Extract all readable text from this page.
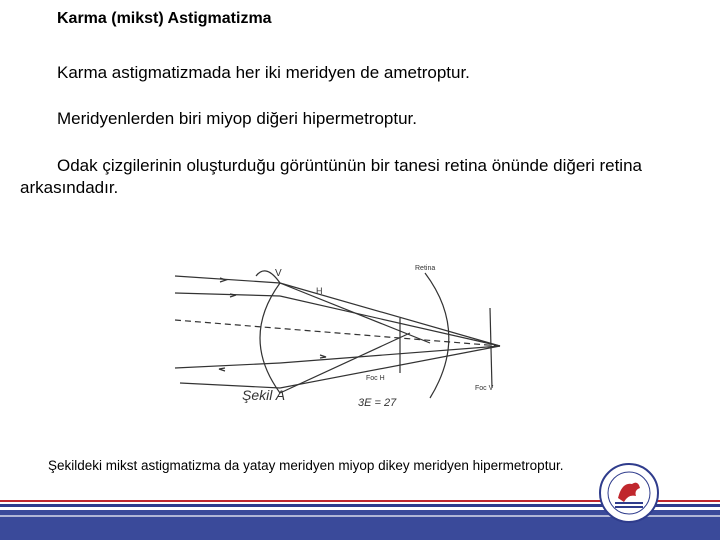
Karma (mikst) Astigmatizma
Karma astigmatizmada her iki meridyen de ametroptur.
Meridyenlerden biri miyop diğeri hipermetroptur.
Odak çizgilerinin oluşturduğu görüntünün bir tanesi retina önünde diğeri retina arkasındadır.
V
H
Retina
Foc H
Foc V
Şekil A	3E = 27
Şekildeki mikst astigmatizma da yatay meridyen miyop dikey meridyen hipermetroptur.
